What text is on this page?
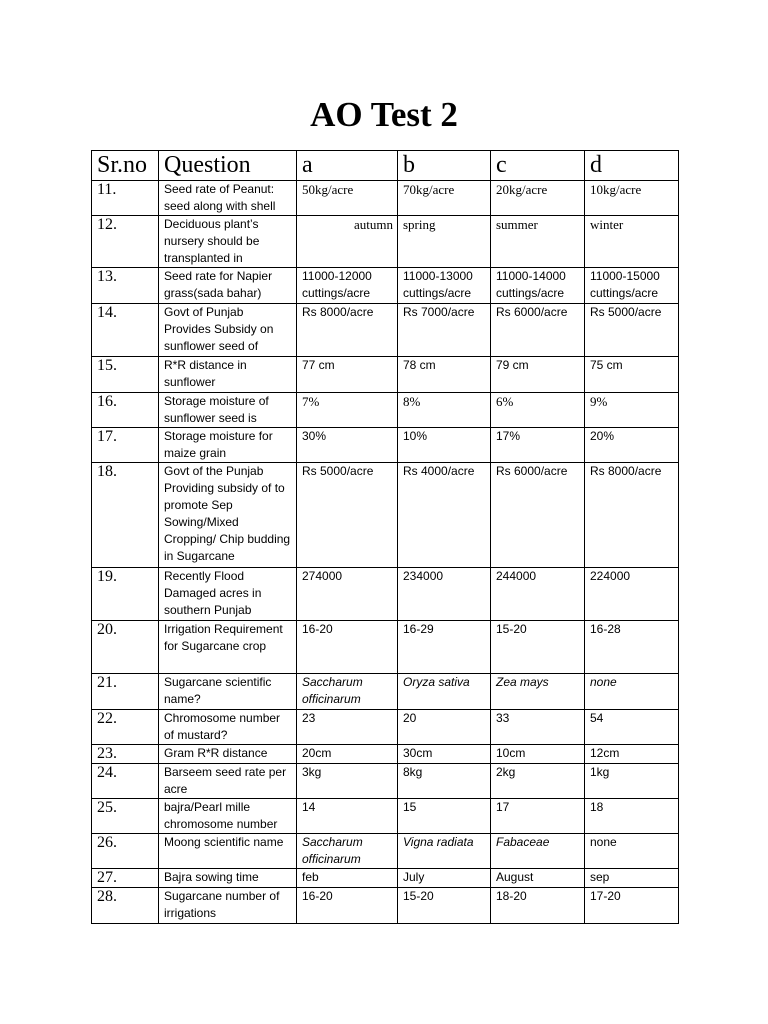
AO Test 2
Sr.no	Question	a	b	c	d
11.	Seed rate of Peanut: seed along with shell	50kg/acre	70kg/acre	20kg/acre	10kg/acre
12.	Deciduous plant’s nursery should be transplanted in	autumn	spring	summer	winter
13.	Seed rate for Napier grass(sada bahar)	11000-12000 cuttings/acre	11000-13000 cuttings/acre	11000-14000 cuttings/acre	11000-15000 cuttings/acre
14.	Govt of Punjab Provides Subsidy on sunflower seed of	Rs 8000/acre	Rs 7000/acre	Rs 6000/acre	Rs 5000/acre
15.	R*R distance in sunflower	77 cm	78 cm	79 cm	75 cm
16.	Storage moisture of sunflower seed is	7%	8%	6%	9%
17.	Storage moisture for maize grain	30%	10%	17%	20%
18.	Govt of the Punjab Providing subsidy of to promote Sep Sowing/Mixed Cropping/ Chip budding in Sugarcane	Rs 5000/acre	Rs 4000/acre	Rs 6000/acre	Rs 8000/acre
19.	Recently Flood Damaged acres in southern Punjab	274000	234000	244000	224000
20.	Irrigation Requirement for Sugarcane crop	16-20	16-29	15-20	16-28
21.	Sugarcane scientific name?	Saccharum officinarum	Oryza sativa	Zea mays	none
22.	Chromosome number of mustard?	23	20	33	54
23.	Gram R*R distance	20cm	30cm	10cm	12cm
24.	Barseem seed rate per acre	3kg	8kg	2kg	1kg
25.	bajra/Pearl mille chromosome number	14	15	17	18
26.	Moong scientific name	Saccharum officinarum	Vigna radiata	Fabaceae	none
27.	Bajra sowing time	feb	July	August	sep
28.	Sugarcane number of irrigations	16-20	15-20	18-20	17-20
